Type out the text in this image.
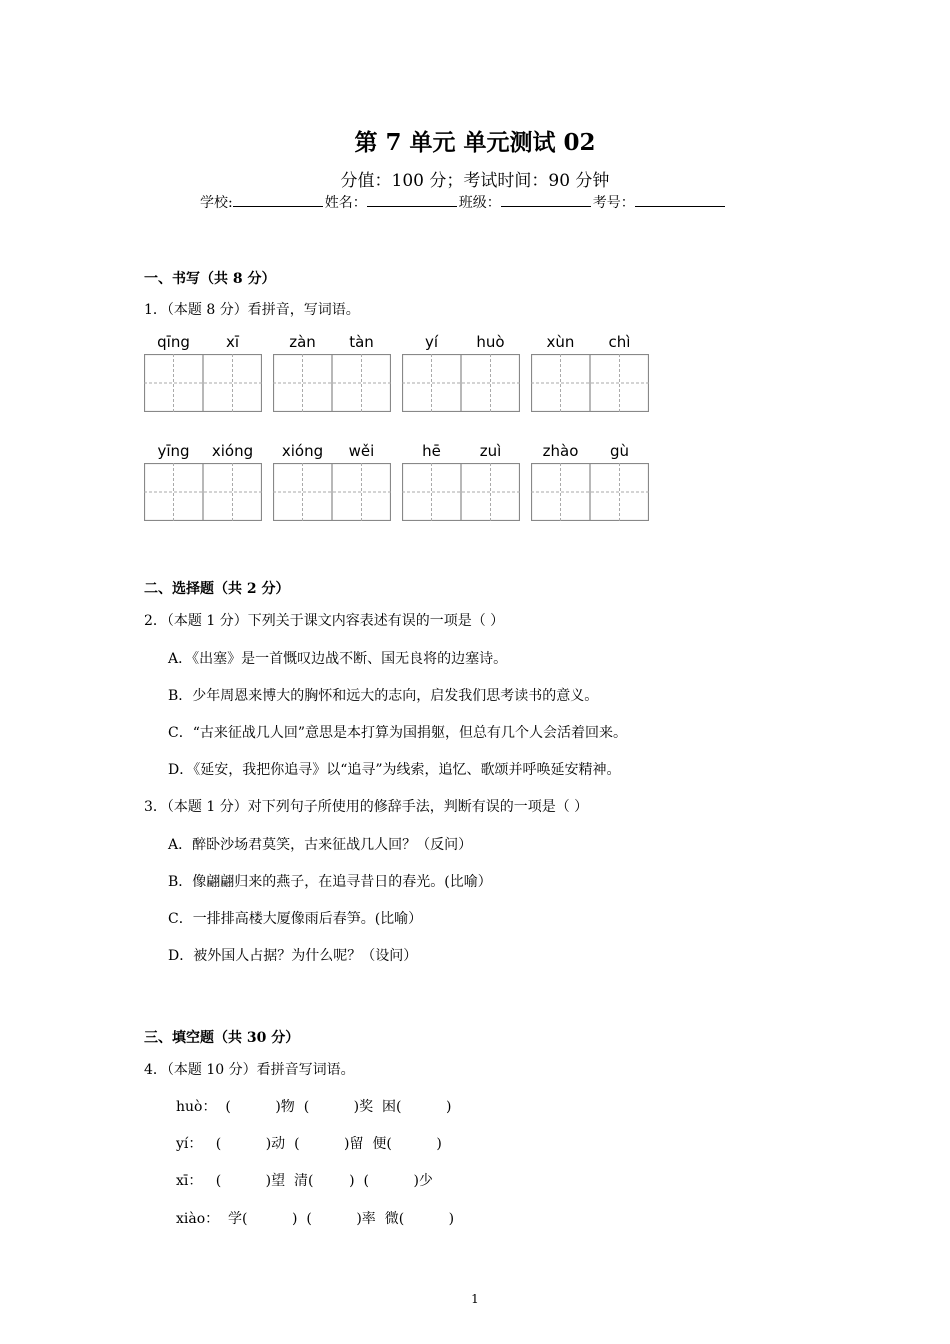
第 7 单元 单元测试 02
分值：100 分；考试时间：90 分钟
学校:	姓名：	班级：	考号：
一、书写（共 8 分）
1．（本题 8 分）看拼音，写词语。
qīng	xī	zàn	tàn	yí	huò	xùn	chì
yīng	xióng	xióng	wěi	hē	zuì	zhào	gù
二、选择题（共 2 分）
2．（本题 1 分）下列关于课文内容表述有误的一项是（ ）
A．《出塞》是一首慨叹边战不断、国无良将的边塞诗。
B．少年周恩来博大的胸怀和远大的志向，启发我们思考读书的意义。
C．“古来征战几人回”意思是本打算为国捐躯，但总有几个人会活着回来。
D．《延安，我把你追寻》以“追寻”为线索，追忆、歌颂并呼唤延安精神。
3．（本题 1 分）对下列句子所使用的修辞手法，判断有误的一项是（ ）
A．醉卧沙场君莫笑，古来征战几人回？（反问）
B．像翩翩归来的燕子，在追寻昔日的春光。(比喻）
C．一排排高楼大厦像雨后春笋。(比喻）
D．被外国人占据？为什么呢？（设问）
三、填空题（共 30 分）
4．（本题 10 分）看拼音写词语。
huò：  (          )物  (          )奖  困(          )
yí：   (          )动  (          )留  便(          )
xī：   (          )望  清(        )  (          )少
xiào：  学(          )  (          )率  微(          )
1
